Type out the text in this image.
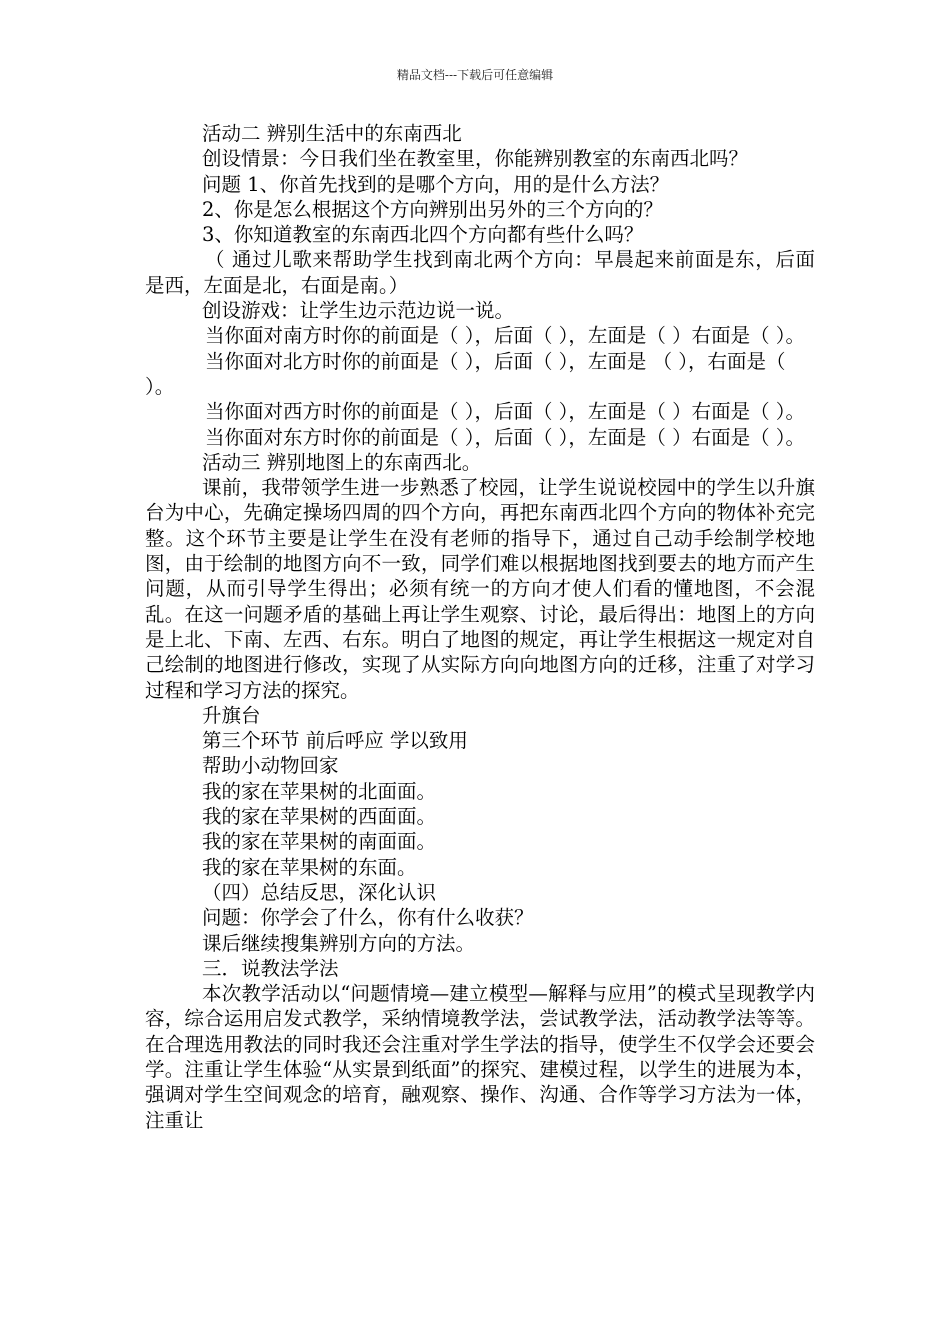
精品文档---下载后可任意编辑

活动二 辨别生活中的东南西北

创设情景：今日我们坐在教室里，你能辨别教室的东南西北吗？

问题 1、你首先找到的是哪个方向，用的是什么方法？

2、你是怎么根据这个方向辨别出另外的三个方向的？

3、你知道教室的东南西北四个方向都有些什么吗？

（ 通过儿歌来帮助学生找到南北两个方向：早晨起来前面是东，后面是西，左面是北，右面是南。）

创设游戏：让学生边示范边说一说。

当你面对南方时你的前面是（ ），后面（ ），左面是（ ）右面是（ ）。

当你面对北方时你的前面是（ ），后面（ ），左面是 （ ），右面是（ ）。

当你面对西方时你的前面是（ ），后面（ ），左面是（ ）右面是（ ）。

当你面对东方时你的前面是（ ），后面（ ），左面是（ ）右面是（ ）。

活动三 辨别地图上的东南西北。

课前，我带领学生进一步熟悉了校园，让学生说说校园中的学生以升旗台为中心，先确定操场四周的四个方向，再把东南西北四个方向的物体补充完整。这个环节主要是让学生在没有老师的指导下，通过自己动手绘制学校地图，由于绘制的地图方向不一致，同学们难以根据地图找到要去的地方而产生问题，从而引导学生得出；必须有统一的方向才使人们看的懂地图，不会混乱。在这一问题矛盾的基础上再让学生观察、讨论，最后得出：地图上的方向是上北、下南、左西、右东。明白了地图的规定，再让学生根据这一规定对自己绘制的地图进行修改，实现了从实际方向向地图方向的迁移，注重了对学习过程和学习方法的探究。

升旗台

第三个环节 前后呼应 学以致用

帮助小动物回家

我的家在苹果树的北面面。

我的家在苹果树的西面面。

我的家在苹果树的南面面。

我的家在苹果树的东面。

（四）总结反思，深化认识

问题：你学会了什么，你有什么收获？

课后继续搜集辨别方向的方法。

三．说教法学法

本次教学活动以“问题情境—建立模型—解释与应用”的模式呈现教学内容，综合运用启发式教学，采纳情境教学法，尝试教学法，活动教学法等等。在合理选用教法的同时我还会注重对学生学法的指导，使学生不仅学会还要会学。注重让学生体验“从实景到纸面”的探究、建模过程，以学生的进展为本，强调对学生空间观念的培育，融观察、操作、沟通、合作等学习方法为一体，注重让
